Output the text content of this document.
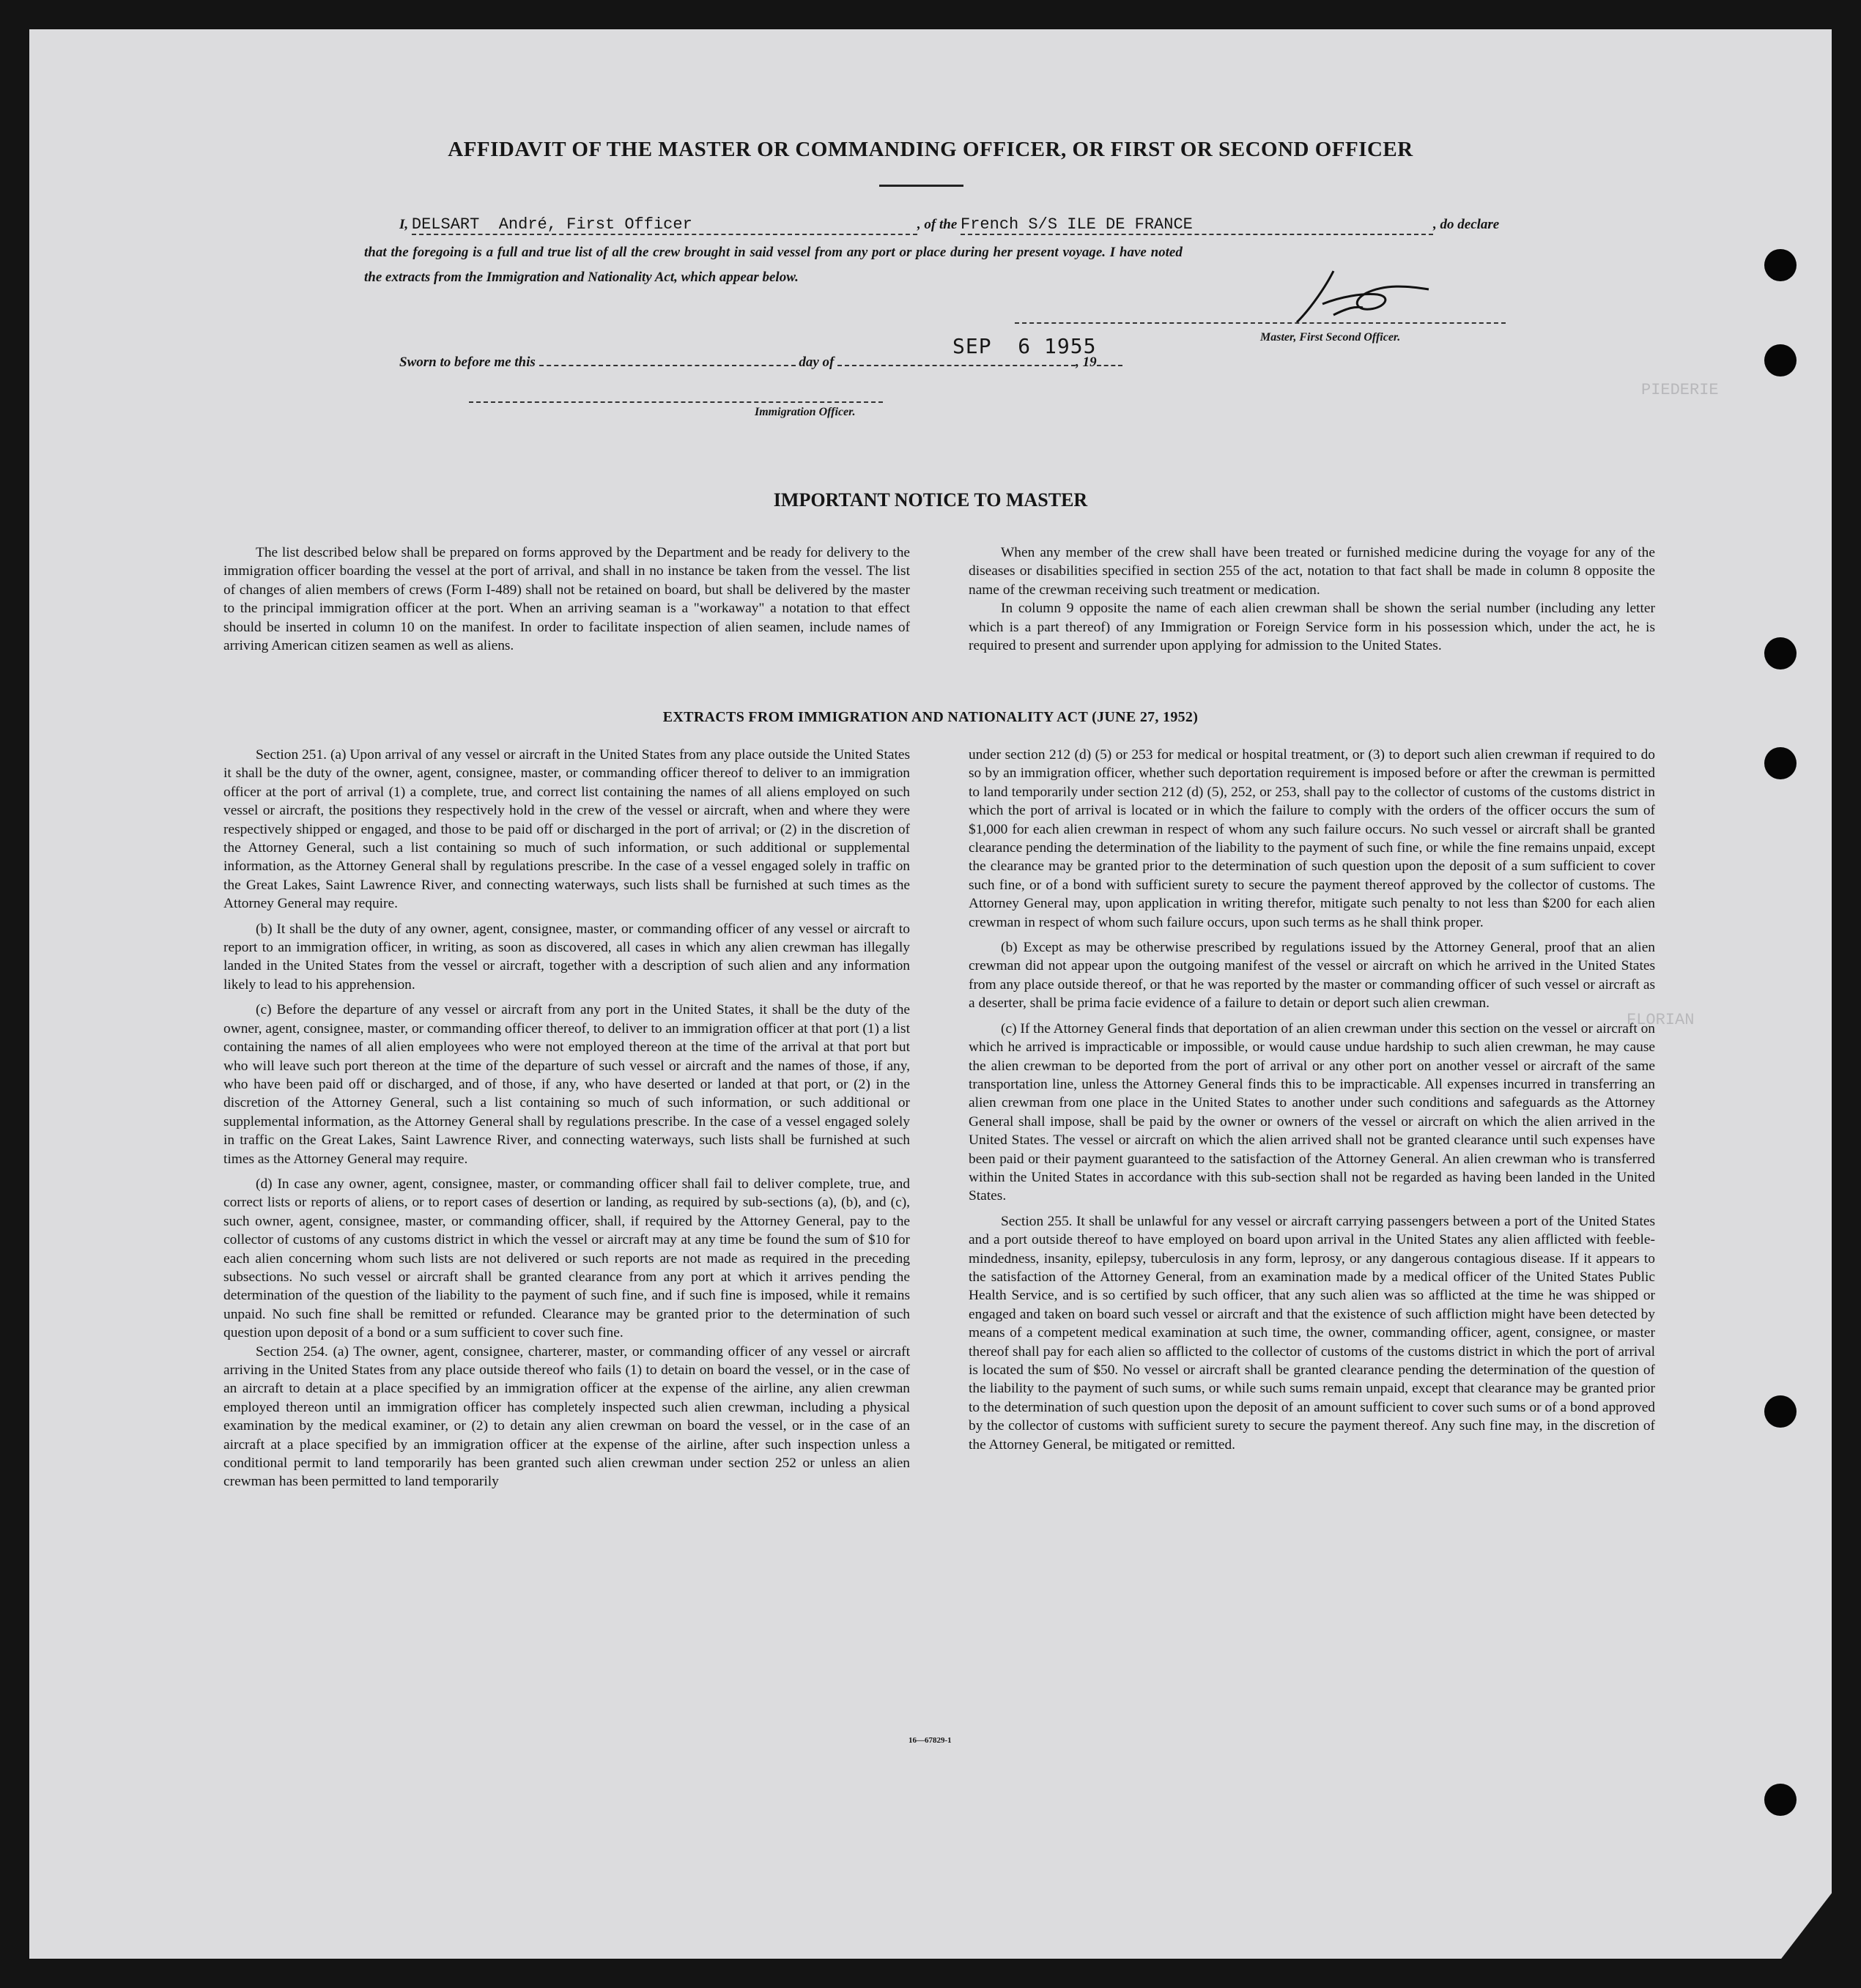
PIEDERIE
FLORIAN
AFFIDAVIT OF THE MASTER OR COMMANDING OFFICER, OR FIRST OR SECOND OFFICER
I, DELSART  André, First Officer	, of the French S/S ILE DE FRANCE	, do declare
that the foregoing is a full and true list of all the crew brought in said vessel from any port or place during her present voyage. I have noted
the extracts from the Immigration and Nationality Act, which appear below.
Master, First Second Officer.
Sworn to before me this	day of	, 19
SEP  6 1955
Immigration Officer.
IMPORTANT NOTICE TO MASTER

The list described below shall be prepared on forms approved by the Department and be ready for delivery to the immigration officer boarding the vessel at the port of arrival, and shall in no instance be taken from the vessel. The list of changes of alien members of crews (Form I-489) shall not be retained on board, but shall be delivered by the master to the principal immigration officer at the port. When an arriving seaman is a "workaway" a notation to that effect should be inserted in column 10 on the manifest. In order to facilitate inspection of alien seamen, include names of arriving American citizen seamen as well as aliens.

When any member of the crew shall have been treated or furnished medicine during the voyage for any of the diseases or disabilities specified in section 255 of the act, notation to that fact shall be made in column 8 opposite the name of the crewman receiving such treatment or medication.

In column 9 opposite the name of each alien crewman shall be shown the serial number (including any letter which is a part thereof) of any Immigration or Foreign Service form in his possession which, under the act, he is required to present and surrender upon applying for admission to the United States.

EXTRACTS FROM IMMIGRATION AND NATIONALITY ACT (JUNE 27, 1952)

Section 251. (a) Upon arrival of any vessel or aircraft in the United States from any place outside the United States it shall be the duty of the owner, agent, consignee, master, or commanding officer thereof to deliver to an immigration officer at the port of arrival (1) a complete, true, and correct list containing the names of all aliens employed on such vessel or aircraft, the positions they respectively hold in the crew of the vessel or aircraft, when and where they were respectively shipped or engaged, and those to be paid off or discharged in the port of arrival; or (2) in the discretion of the Attorney General, such a list containing so much of such information, or such additional or supplemental information, as the Attorney General shall by regulations prescribe. In the case of a vessel engaged solely in traffic on the Great Lakes, Saint Lawrence River, and connecting waterways, such lists shall be furnished at such times as the Attorney General may require.

(b) It shall be the duty of any owner, agent, consignee, master, or commanding officer of any vessel or aircraft to report to an immigration officer, in writing, as soon as discovered, all cases in which any alien crewman has illegally landed in the United States from the vessel or aircraft, together with a description of such alien and any information likely to lead to his apprehension.

(c) Before the departure of any vessel or aircraft from any port in the United States, it shall be the duty of the owner, agent, consignee, master, or commanding officer thereof, to deliver to an immigration officer at that port (1) a list containing the names of all alien employees who were not employed thereon at the time of the arrival at that port but who will leave such port thereon at the time of the departure of such vessel or aircraft and the names of those, if any, who have been paid off or discharged, and of those, if any, who have deserted or landed at that port, or (2) in the discretion of the Attorney General, such a list containing so much of such information, or such additional or supplemental information, as the Attorney General shall by regulations prescribe. In the case of a vessel engaged solely in traffic on the Great Lakes, Saint Lawrence River, and connecting waterways, such lists shall be furnished at such times as the Attorney General may require.

(d) In case any owner, agent, consignee, master, or commanding officer shall fail to deliver complete, true, and correct lists or reports of aliens, or to report cases of desertion or landing, as required by sub-sections (a), (b), and (c), such owner, agent, consignee, master, or commanding officer, shall, if required by the Attorney General, pay to the collector of customs of any customs district in which the vessel or aircraft may at any time be found the sum of $10 for each alien concerning whom such lists are not delivered or such reports are not made as required in the preceding subsections. No such vessel or aircraft shall be granted clearance from any port at which it arrives pending the determination of the question of the liability to the payment of such fine, and if such fine is imposed, while it remains unpaid. No such fine shall be remitted or refunded. Clearance may be granted prior to the determination of such question upon deposit of a bond or a sum sufficient to cover such fine.

Section 254. (a) The owner, agent, consignee, charterer, master, or commanding officer of any vessel or aircraft arriving in the United States from any place outside thereof who fails (1) to detain on board the vessel, or in the case of an aircraft to detain at a place specified by an immigration officer at the expense of the airline, any alien crewman employed thereon until an immigration officer has completely inspected such alien crewman, including a physical examination by the medical examiner, or (2) to detain any alien crewman on board the vessel, or in the case of an aircraft at a place specified by an immigration officer at the expense of the airline, after such inspection unless a conditional permit to land temporarily has been granted such alien crewman under section 252 or unless an alien crewman has been permitted to land temporarily

under section 212 (d) (5) or 253 for medical or hospital treatment, or (3) to deport such alien crewman if required to do so by an immigration officer, whether such deportation requirement is imposed before or after the crewman is permitted to land temporarily under section 212 (d) (5), 252, or 253, shall pay to the collector of customs of the customs district in which the port of arrival is located or in which the failure to comply with the orders of the officer occurs the sum of $1,000 for each alien crewman in respect of whom any such failure occurs. No such vessel or aircraft shall be granted clearance pending the determination of the liability to the payment of such fine, or while the fine remains unpaid, except the clearance may be granted prior to the determination of such question upon the deposit of a sum sufficient to cover such fine, or of a bond with sufficient surety to secure the payment thereof approved by the collector of customs. The Attorney General may, upon application in writing therefor, mitigate such penalty to not less than $200 for each alien crewman in respect of whom such failure occurs, upon such terms as he shall think proper.

(b) Except as may be otherwise prescribed by regulations issued by the Attorney General, proof that an alien crewman did not appear upon the outgoing manifest of the vessel or aircraft on which he arrived in the United States from any place outside thereof, or that he was reported by the master or commanding officer of such vessel or aircraft as a deserter, shall be prima facie evidence of a failure to detain or deport such alien crewman.

(c) If the Attorney General finds that deportation of an alien crewman under this section on the vessel or aircraft on which he arrived is impracticable or impossible, or would cause undue hardship to such alien crewman, he may cause the alien crewman to be deported from the port of arrival or any other port on another vessel or aircraft of the same transportation line, unless the Attorney General finds this to be impracticable. All expenses incurred in transferring an alien crewman from one place in the United States to another under such conditions and safeguards as the Attorney General shall impose, shall be paid by the owner or owners of the vessel or aircraft on which the alien arrived in the United States. The vessel or aircraft on which the alien arrived shall not be granted clearance until such expenses have been paid or their payment guaranteed to the satisfaction of the Attorney General. An alien crewman who is transferred within the United States in accordance with this sub-section shall not be regarded as having been landed in the United States.

Section 255. It shall be unlawful for any vessel or aircraft carrying passengers between a port of the United States and a port outside thereof to have employed on board upon arrival in the United States any alien afflicted with feeble-mindedness, insanity, epilepsy, tuberculosis in any form, leprosy, or any dangerous contagious disease. If it appears to the satisfaction of the Attorney General, from an examination made by a medical officer of the United States Public Health Service, and is so certified by such officer, that any such alien was so afflicted at the time he was shipped or engaged and taken on board such vessel or aircraft and that the existence of such affliction might have been detected by means of a competent medical examination at such time, the owner, commanding officer, agent, consignee, or master thereof shall pay for each alien so afflicted to the collector of customs of the customs district in which the port of arrival is located the sum of $50. No vessel or aircraft shall be granted clearance pending the determination of the question of the liability to the payment of such sums, or while such sums remain unpaid, except that clearance may be granted prior to the determination of such question upon the deposit of an amount sufficient to cover such sums or of a bond approved by the collector of customs with sufficient surety to secure the payment thereof. Any such fine may, in the discretion of the Attorney General, be mitigated or remitted.

16—67829-1
